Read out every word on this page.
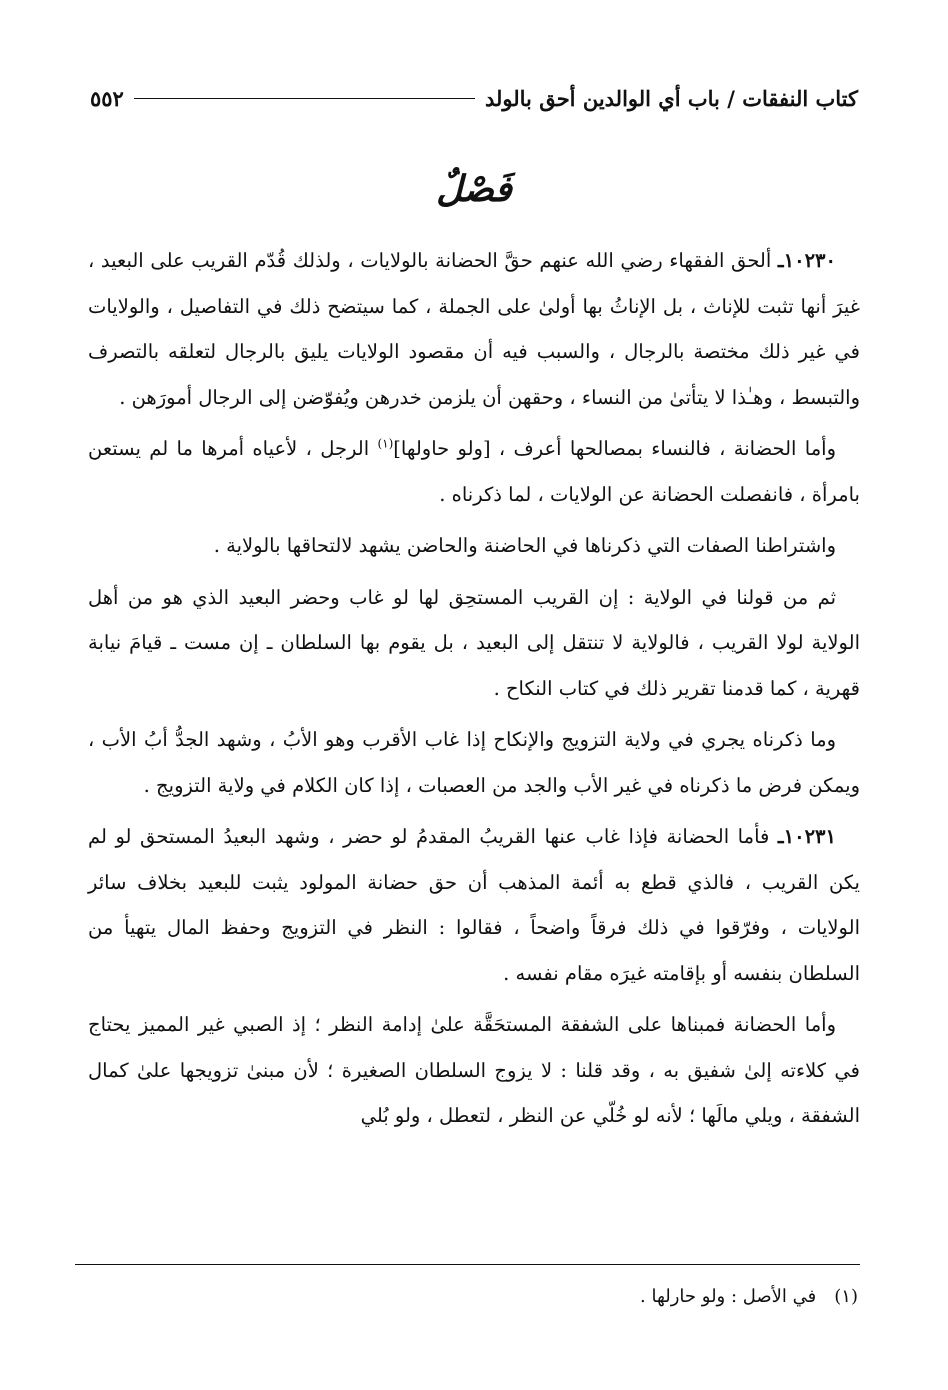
كتاب النفقات / باب أي الوالدين أحق بالولد
٥٥٢
فَصْلٌ

١٠٢٣٠ـ ألحق الفقهاء رضي الله عنهم حقَّ الحضانة بالولايات ، ولذلك قُدّم القريب على البعيد ، غيرَ أنها تثبت للإناث ، بل الإناثُ بها أولىٰ على الجملة ، كما سيتضح ذلك في التفاصيل ، والولايات في غير ذلك مختصة بالرجال ، والسبب فيه أن مقصود الولايات يليق بالرجال لتعلقه بالتصرف والتبسط ، وهـٰذا لا يتأتىٰ من النساء ، وحقهن أن يلزمن خدرهن ويُفوّضن إلى الرجال أمورَهن .

وأما الحضانة ، فالنساء بمصالحها أعرف ، [ولو حاولها]$^{(١)}$ الرجل ، لأعياه أمرها ما لم يستعن بامرأة ، فانفصلت الحضانة عن الولايات ، لما ذكرناه .

واشتراطنا الصفات التي ذكرناها في الحاضنة والحاضن يشهد لالتحاقها بالولاية .

ثم من قولنا في الولاية : إن القريب المستحِق لها لو غاب وحضر البعيد الذي هو من أهل الولاية لولا القريب ، فالولاية لا تنتقل إلى البعيد ، بل يقوم بها السلطان ـ إن مست ـ قيامَ نيابة قهرية ، كما قدمنا تقرير ذلك في كتاب النكاح .

وما ذكرناه يجري في ولاية التزويج والإنكاح إذا غاب الأقرب وهو الأبُ ، وشهد الجدُّ أبُ الأب ، ويمكن فرض ما ذكرناه في غير الأب والجد من العصبات ، إذا كان الكلام في ولاية التزويج .

١٠٢٣١ـ فأما الحضانة فإذا غاب عنها القريبُ المقدمُ لو حضر ، وشهد البعيدُ المستحق لو لم يكن القريب ، فالذي قطع به أئمة المذهب أن حق حضانة المولود يثبت للبعيد بخلاف سائر الولايات ، وفرّقوا في ذلك فرقاً واضحاً ، فقالوا : النظر في التزويج وحفظ المال يتهيأ من السلطان بنفسه أو بإقامته غيرَه مقام نفسه .

وأما الحضانة فمبناها على الشفقة المستحَقَّة علىٰ إدامة النظر ؛ إذ الصبي غير المميز يحتاج في كلاءته إلىٰ شفيق به ، وقد قلنا : لا يزوج السلطان الصغيرة ؛ لأن مبنىٰ تزويجها علىٰ كمال الشفقة ، ويلي مالَها ؛ لأنه لو خُلّي عن النظر ، لتعطل ، ولو بُلي

(١)
في الأصل : ولو حارلها .
